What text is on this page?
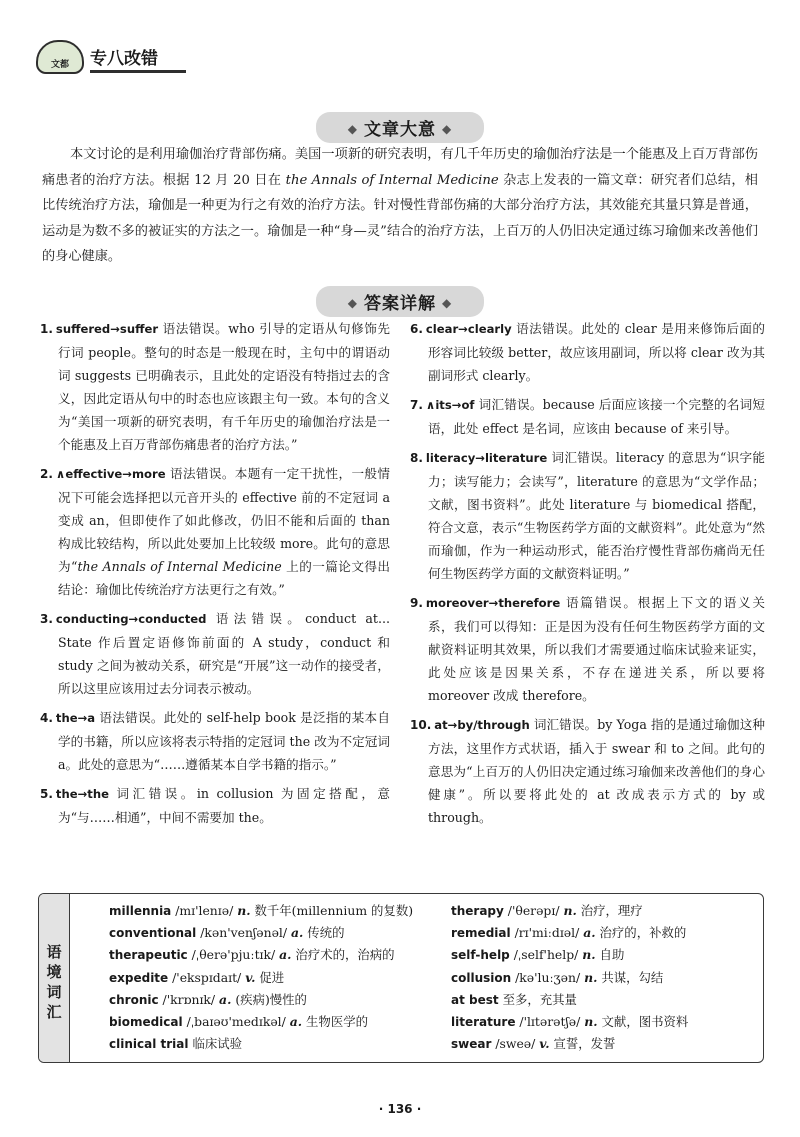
文都 专八改错
◆ 文章大意 ◆

本文讨论的是利用瑜伽治疗背部伤痛。美国一项新的研究表明，有几千年历史的瑜伽治疗法是一个能惠及上百万背部伤痛患者的治疗方法。根据 12 月 20 日在 the Annals of Internal Medicine 杂志上发表的一篇文章：研究者们总结，相比传统治疗方法，瑜伽是一种更为行之有效的治疗方法。针对慢性背部伤痛的大部分治疗方法，其效能充其量只算是普通，运动是为数不多的被证实的方法之一。瑜伽是一种“身—灵”结合的治疗方法，上百万的人仍旧决定通过练习瑜伽来改善他们的身心健康。

◆ 答案详解 ◆
1. suffered→suffer 语法错误。who 引导的定语从句修饰先行词 people。整句的时态是一般现在时，主句中的谓语动词 suggests 已明确表示，且此处的定语没有特指过去的含义，因此定语从句中的时态也应该跟主句一致。本句的含义为“美国一项新的研究表明，有千年历史的瑜伽治疗法是一个能惠及上百万背部伤痛患者的治疗方法。”
2. ∧effective→more 语法错误。本题有一定干扰性，一般情况下可能会选择把以元音开头的 effective 前的不定冠词 a 变成 an，但即使作了如此修改，仍旧不能和后面的 than 构成比较结构，所以此处要加上比较级 more。此句的意思为“the Annals of Internal Medicine 上的一篇论文得出结论：瑜伽比传统治疗方法更行之有效。”
3. conducting→conducted 语法错误。conduct at... State 作后置定语修饰前面的 A study，conduct 和 study 之间为被动关系，研究是“开展”这一动作的接受者，所以这里应该用过去分词表示被动。
4. the→a 语法错误。此处的 self-help book 是泛指的某本自学的书籍，所以应该将表示特指的定冠词 the 改为不定冠词 a。此处的意思为“……遵循某本自学书籍的指示。”
5. the→the 词汇错误。in collusion 为固定搭配，意为“与……相通”，中间不需要加 the。
6. clear→clearly 语法错误。此处的 clear 是用来修饰后面的形容词比较级 better，故应该用副词，所以将 clear 改为其副词形式 clearly。
7. ∧its→of 词汇错误。because 后面应该接一个完整的名词短语，此处 effect 是名词，应该由 because of 来引导。
8. literacy→literature 词汇错误。literacy 的意思为“识字能力；读写能力；会读写”，literature 的意思为“文学作品；文献，图书资料”。此处 literature 与 biomedical 搭配，符合文意，表示“生物医药学方面的文献资料”。此处意为“然而瑜伽，作为一种运动形式，能否治疗慢性背部伤痛尚无任何生物医药学方面的文献资料证明。”
9. moreover→therefore 语篇错误。根据上下文的语义关系，我们可以得知：正是因为没有任何生物医药学方面的文献资料证明其效果，所以我们才需要通过临床试验来证实，此处应该是因果关系，不存在递进关系，所以要将 moreover 改成 therefore。
10. at→by/through 词汇错误。by Yoga 指的是通过瑜伽这种方法，这里作方式状语，插入于 swear 和 to 之间。此句的意思为“上百万的人仍旧决定通过练习瑜伽来改善他们的身心健康”。所以要将此处的 at 改成表示方式的 by 或 through。
语境词汇
millennia /mɪ'lenɪə/ n. 数千年(millennium 的复数)
conventional /kən'venʃənəl/ a. 传统的
therapeutic /ˌθerə'pjuːtɪk/ a. 治疗术的，治病的
expedite /'ekspɪdaɪt/ v. 促进
chronic /'krɒnɪk/ a. (疾病)慢性的
biomedical /ˌbaɪəʊ'medɪkəl/ a. 生物医学的
clinical trial 临床试验
therapy /'θerəpɪ/ n. 治疗，理疗
remedial /rɪ'miːdɪəl/ a. 治疗的，补救的
self-help /ˌself'help/ n. 自助
collusion /kə'luːʒən/ n. 共谋，勾结
at best 至多，充其量
literature /'lɪtərətʃə/ n. 文献，图书资料
swear /sweə/ v. 宣誓，发誓
· 136 ·
